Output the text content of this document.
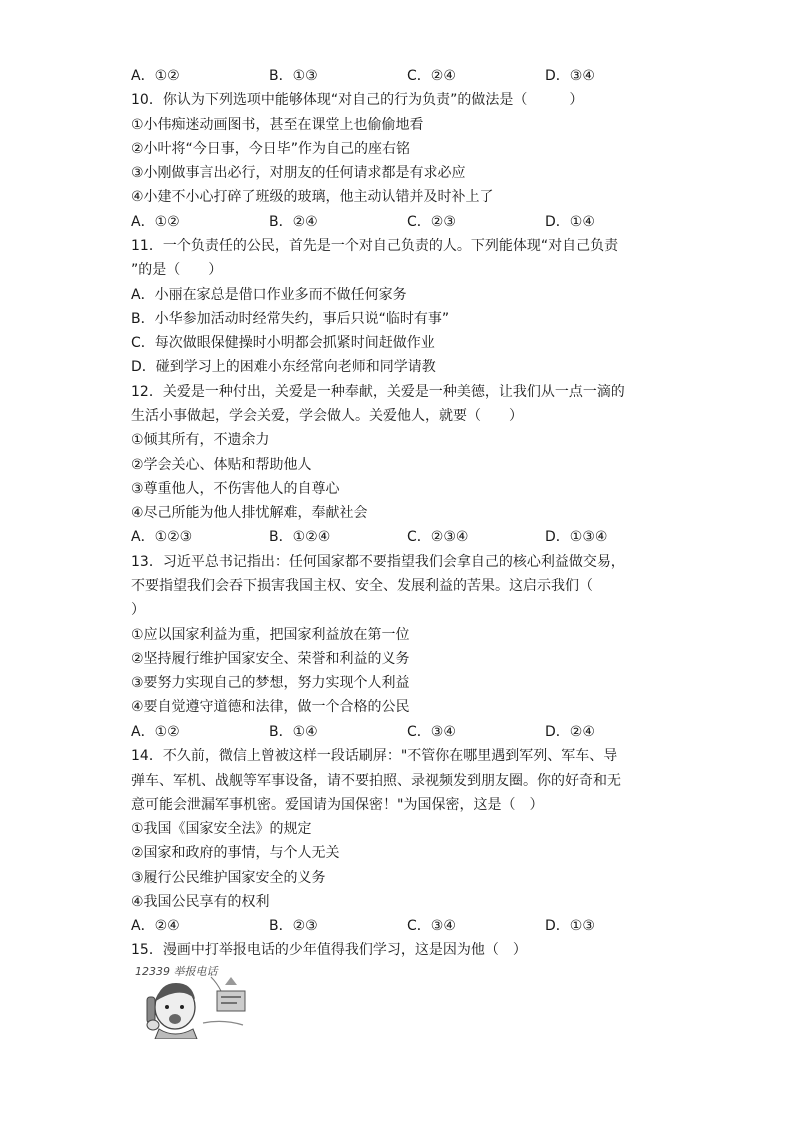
A．①②	B．①③	C．②④	D．③④
10．你认为下列选项中能够体现“对自己的行为负责”的做法是（　　　）
①小伟痴迷动画图书，甚至在课堂上也偷偷地看
②小叶将“今日事，今日毕”作为自己的座右铭
③小刚做事言出必行，对朋友的任何请求都是有求必应
④小建不小心打碎了班级的玻璃，他主动认错并及时补上了
A．①②	B．②④	C．②③	D．①④
11．一个负责任的公民，首先是一个对自己负责的人。下列能体现“对自己负责
”的是（　　）
A．小丽在家总是借口作业多而不做任何家务
B．小华参加活动时经常失约，事后只说“临时有事”
C．每次做眼保健操时小明都会抓紧时间赶做作业
D．碰到学习上的困难小东经常向老师和同学请教
12．关爱是一种付出，关爱是一种奉献，关爱是一种美德，让我们从一点一滴的
生活小事做起，学会关爱，学会做人。关爱他人，就要（　　）
①倾其所有，不遗余力
②学会关心、体贴和帮助他人
③尊重他人，不伤害他人的自尊心
④尽己所能为他人排忧解难，奉献社会
A．①②③	B．①②④	C．②③④	D．①③④
13．习近平总书记指出：任何国家都不要指望我们会拿自己的核心利益做交易，
不要指望我们会吞下损害我国主权、安全、发展利益的苦果。这启示我们（
）
①应以国家利益为重，把国家利益放在第一位
②坚持履行维护国家安全、荣誉和利益的义务
③要努力实现自己的梦想，努力实现个人利益
④要自觉遵守道德和法律，做一个合格的公民
A．①②	B．①④	C．③④	D．②④
14．不久前，微信上曾被这样一段话刷屏："不管你在哪里遇到军列、军车、导
弹车、军机、战舰等军事设备，请不要拍照、录视频发到朋友圈。你的好奇和无
意可能会泄漏军事机密。爱国请为国保密！"为国保密，这是（　）
①我国《国家安全法》的规定
②国家和政府的事情，与个人无关
③履行公民维护国家安全的义务
④我国公民享有的权利
A．②④	B．②③	C．③④	D．①③
15．漫画中打举报电话的少年值得我们学习，这是因为他（　）
12339 举报电话
